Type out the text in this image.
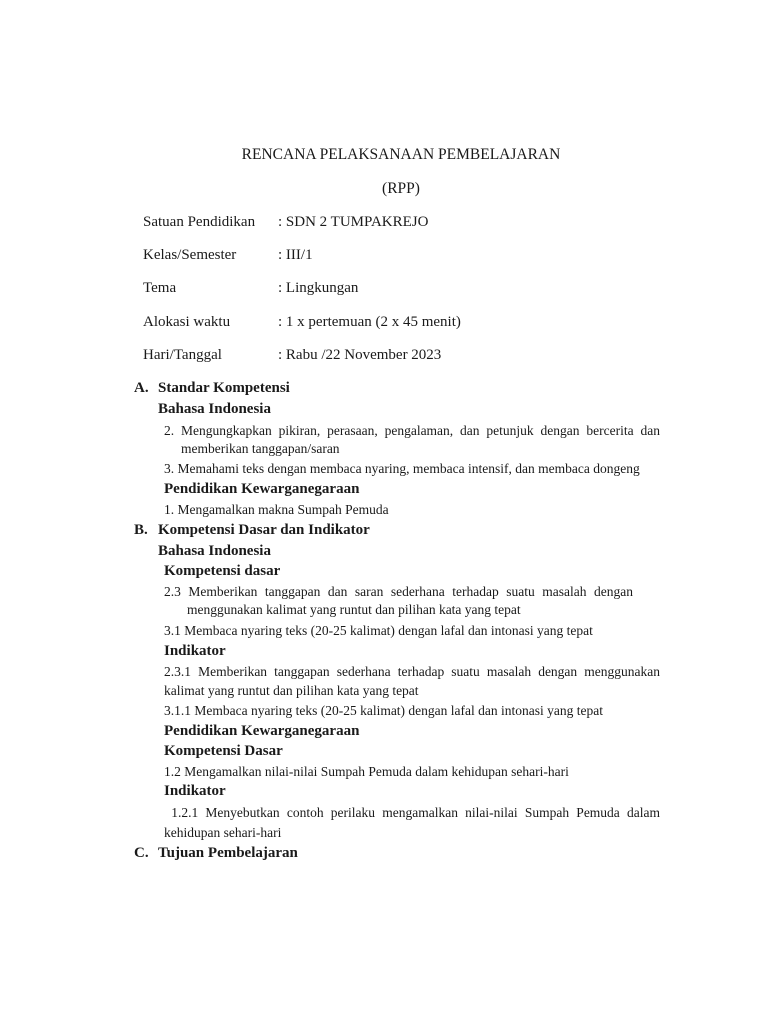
RENCANA PELAKSANAAN PEMBELAJARAN
(RPP)
Satuan Pendidikan : SDN 2 TUMPAKREJO
Kelas/Semester	: III/1
Tema	: Lingkungan
Alokasi waktu	: 1 x pertemuan (2 x 45 menit)
Hari/Tanggal	: Rabu /22 November 2023
A. Standar Kompetensi
Bahasa Indonesia
2. Mengungkapkan pikiran, perasaan, pengalaman, dan petunjuk dengan bercerita dan
memberikan tanggapan/saran
3. Memahami teks dengan membaca nyaring, membaca intensif, dan membaca dongeng
Pendidikan Kewarganegaraan
1. Mengamalkan makna Sumpah Pemuda
B. Kompetensi Dasar dan Indikator
Bahasa Indonesia
Kompetensi dasar
2.3 Memberikan tanggapan dan saran sederhana terhadap suatu masalah dengan
menggunakan kalimat yang runtut dan pilihan kata yang tepat
3.1 Membaca nyaring teks (20-25 kalimat) dengan lafal dan intonasi yang tepat
Indikator
2.3.1 Memberikan tanggapan sederhana terhadap suatu masalah dengan menggunakan
kalimat yang runtut dan pilihan kata yang tepat
3.1.1 Membaca nyaring teks (20-25 kalimat) dengan lafal dan intonasi yang tepat
Pendidikan Kewarganegaraan
Kompetensi Dasar
1.2 Mengamalkan nilai-nilai Sumpah Pemuda dalam kehidupan sehari-hari
Indikator
1.2.1 Menyebutkan contoh perilaku mengamalkan nilai-nilai Sumpah Pemuda dalam
kehidupan sehari-hari
C. Tujuan Pembelajaran
